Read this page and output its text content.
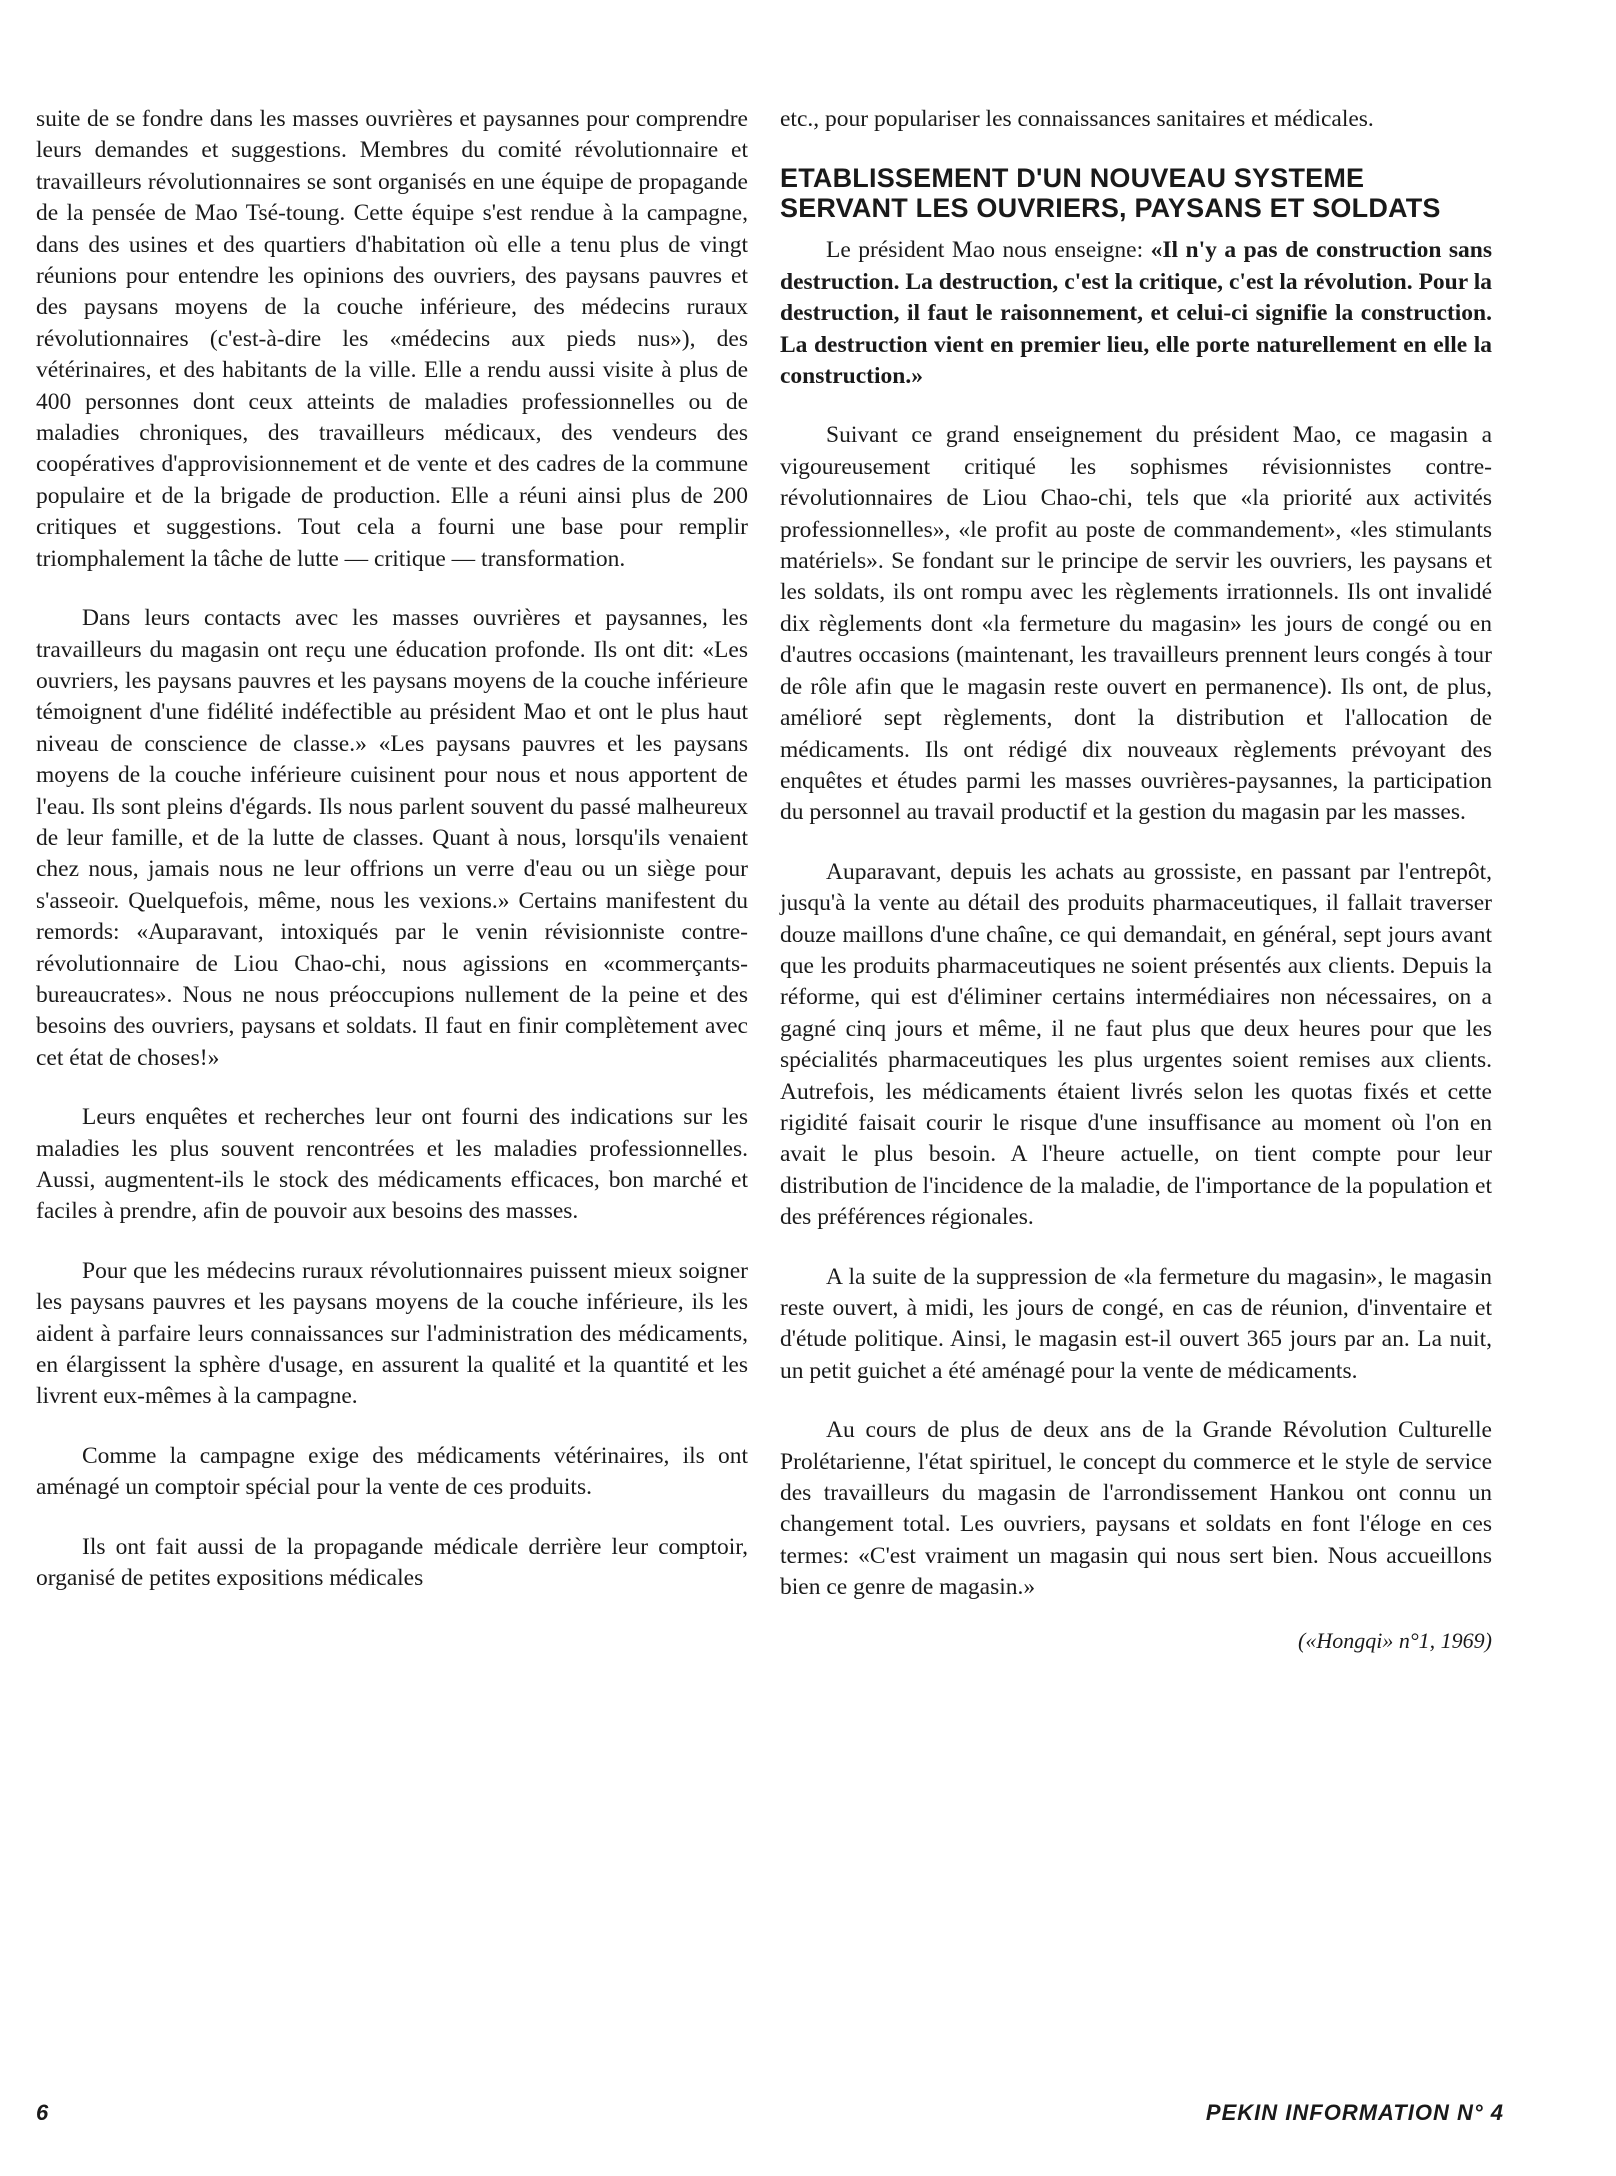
suite de se fondre dans les masses ouvrières et paysannes pour comprendre leurs demandes et suggestions. Membres du comité révolutionnaire et travailleurs révolutionnaires se sont organisés en une équipe de propagande de la pensée de Mao Tsé-toung. Cette équipe s'est rendue à la campagne, dans des usines et des quartiers d'habitation où elle a tenu plus de vingt réunions pour entendre les opinions des ouvriers, des paysans pauvres et des paysans moyens de la couche inférieure, des médecins ruraux révolutionnaires (c'est-à-dire les «médecins aux pieds nus»), des vétérinaires, et des habitants de la ville. Elle a rendu aussi visite à plus de 400 personnes dont ceux atteints de maladies professionnelles ou de maladies chroniques, des travailleurs médicaux, des vendeurs des coopératives d'approvisionnement et de vente et des cadres de la commune populaire et de la brigade de production. Elle a réuni ainsi plus de 200 critiques et suggestions. Tout cela a fourni une base pour remplir triomphalement la tâche de lutte — critique — transformation.

Dans leurs contacts avec les masses ouvrières et paysannes, les travailleurs du magasin ont reçu une éducation profonde. Ils ont dit: «Les ouvriers, les paysans pauvres et les paysans moyens de la couche inférieure témoignent d'une fidélité indéfectible au président Mao et ont le plus haut niveau de conscience de classe.» «Les paysans pauvres et les paysans moyens de la couche inférieure cuisinent pour nous et nous apportent de l'eau. Ils sont pleins d'égards. Ils nous parlent souvent du passé malheureux de leur famille, et de la lutte de classes. Quant à nous, lorsqu'ils venaient chez nous, jamais nous ne leur offrions un verre d'eau ou un siège pour s'asseoir. Quelquefois, même, nous les vexions.» Certains manifestent du remords: «Auparavant, intoxiqués par le venin révisionniste contre-révolutionnaire de Liou Chao-chi, nous agissions en «commerçants-bureaucrates». Nous ne nous préoccupions nullement de la peine et des besoins des ouvriers, paysans et soldats. Il faut en finir complètement avec cet état de choses!»

Leurs enquêtes et recherches leur ont fourni des indications sur les maladies les plus souvent rencontrées et les maladies professionnelles. Aussi, augmentent-ils le stock des médicaments efficaces, bon marché et faciles à prendre, afin de pouvoir aux besoins des masses.

Pour que les médecins ruraux révolutionnaires puissent mieux soigner les paysans pauvres et les paysans moyens de la couche inférieure, ils les aident à parfaire leurs connaissances sur l'administration des médicaments, en élargissent la sphère d'usage, en assurent la qualité et la quantité et les livrent eux-mêmes à la campagne.

Comme la campagne exige des médicaments vétérinaires, ils ont aménagé un comptoir spécial pour la vente de ces produits.

Ils ont fait aussi de la propagande médicale derrière leur comptoir, organisé de petites expositions médicales

etc., pour populariser les connaissances sanitaires et médicales.

ETABLISSEMENT D'UN NOUVEAU SYSTEME
SERVANT LES OUVRIERS, PAYSANS ET SOLDATS

Le président Mao nous enseigne: «Il n'y a pas de construction sans destruction. La destruction, c'est la critique, c'est la révolution. Pour la destruction, il faut le raisonnement, et celui-ci signifie la construction. La destruction vient en premier lieu, elle porte naturellement en elle la construction.»

Suivant ce grand enseignement du président Mao, ce magasin a vigoureusement critiqué les sophismes révisionnistes contre-révolutionnaires de Liou Chao-chi, tels que «la priorité aux activités professionnelles», «le profit au poste de commandement», «les stimulants matériels». Se fondant sur le principe de servir les ouvriers, les paysans et les soldats, ils ont rompu avec les règlements irrationnels. Ils ont invalidé dix règlements dont «la fermeture du magasin» les jours de congé ou en d'autres occasions (maintenant, les travailleurs prennent leurs congés à tour de rôle afin que le magasin reste ouvert en permanence). Ils ont, de plus, amélioré sept règlements, dont la distribution et l'allocation de médicaments. Ils ont rédigé dix nouveaux règlements prévoyant des enquêtes et études parmi les masses ouvrières-paysannes, la participation du personnel au travail productif et la gestion du magasin par les masses.

Auparavant, depuis les achats au grossiste, en passant par l'entrepôt, jusqu'à la vente au détail des produits pharmaceutiques, il fallait traverser douze maillons d'une chaîne, ce qui demandait, en général, sept jours avant que les produits pharmaceutiques ne soient présentés aux clients. Depuis la réforme, qui est d'éliminer certains intermédiaires non nécessaires, on a gagné cinq jours et même, il ne faut plus que deux heures pour que les spécialités pharmaceutiques les plus urgentes soient remises aux clients. Autrefois, les médicaments étaient livrés selon les quotas fixés et cette rigidité faisait courir le risque d'une insuffisance au moment où l'on en avait le plus besoin. A l'heure actuelle, on tient compte pour leur distribution de l'incidence de la maladie, de l'importance de la population et des préférences régionales.

A la suite de la suppression de «la fermeture du magasin», le magasin reste ouvert, à midi, les jours de congé, en cas de réunion, d'inventaire et d'étude politique. Ainsi, le magasin est-il ouvert 365 jours par an. La nuit, un petit guichet a été aménagé pour la vente de médicaments.

Au cours de plus de deux ans de la Grande Révolution Culturelle Prolétarienne, l'état spirituel, le concept du commerce et le style de service des travailleurs du magasin de l'arrondissement Hankou ont connu un changement total. Les ouvriers, paysans et soldats en font l'éloge en ces termes: «C'est vraiment un magasin qui nous sert bien. Nous accueillons bien ce genre de magasin.»

(«Hongqi» n°1, 1969)
6	PEKIN INFORMATION N° 4
